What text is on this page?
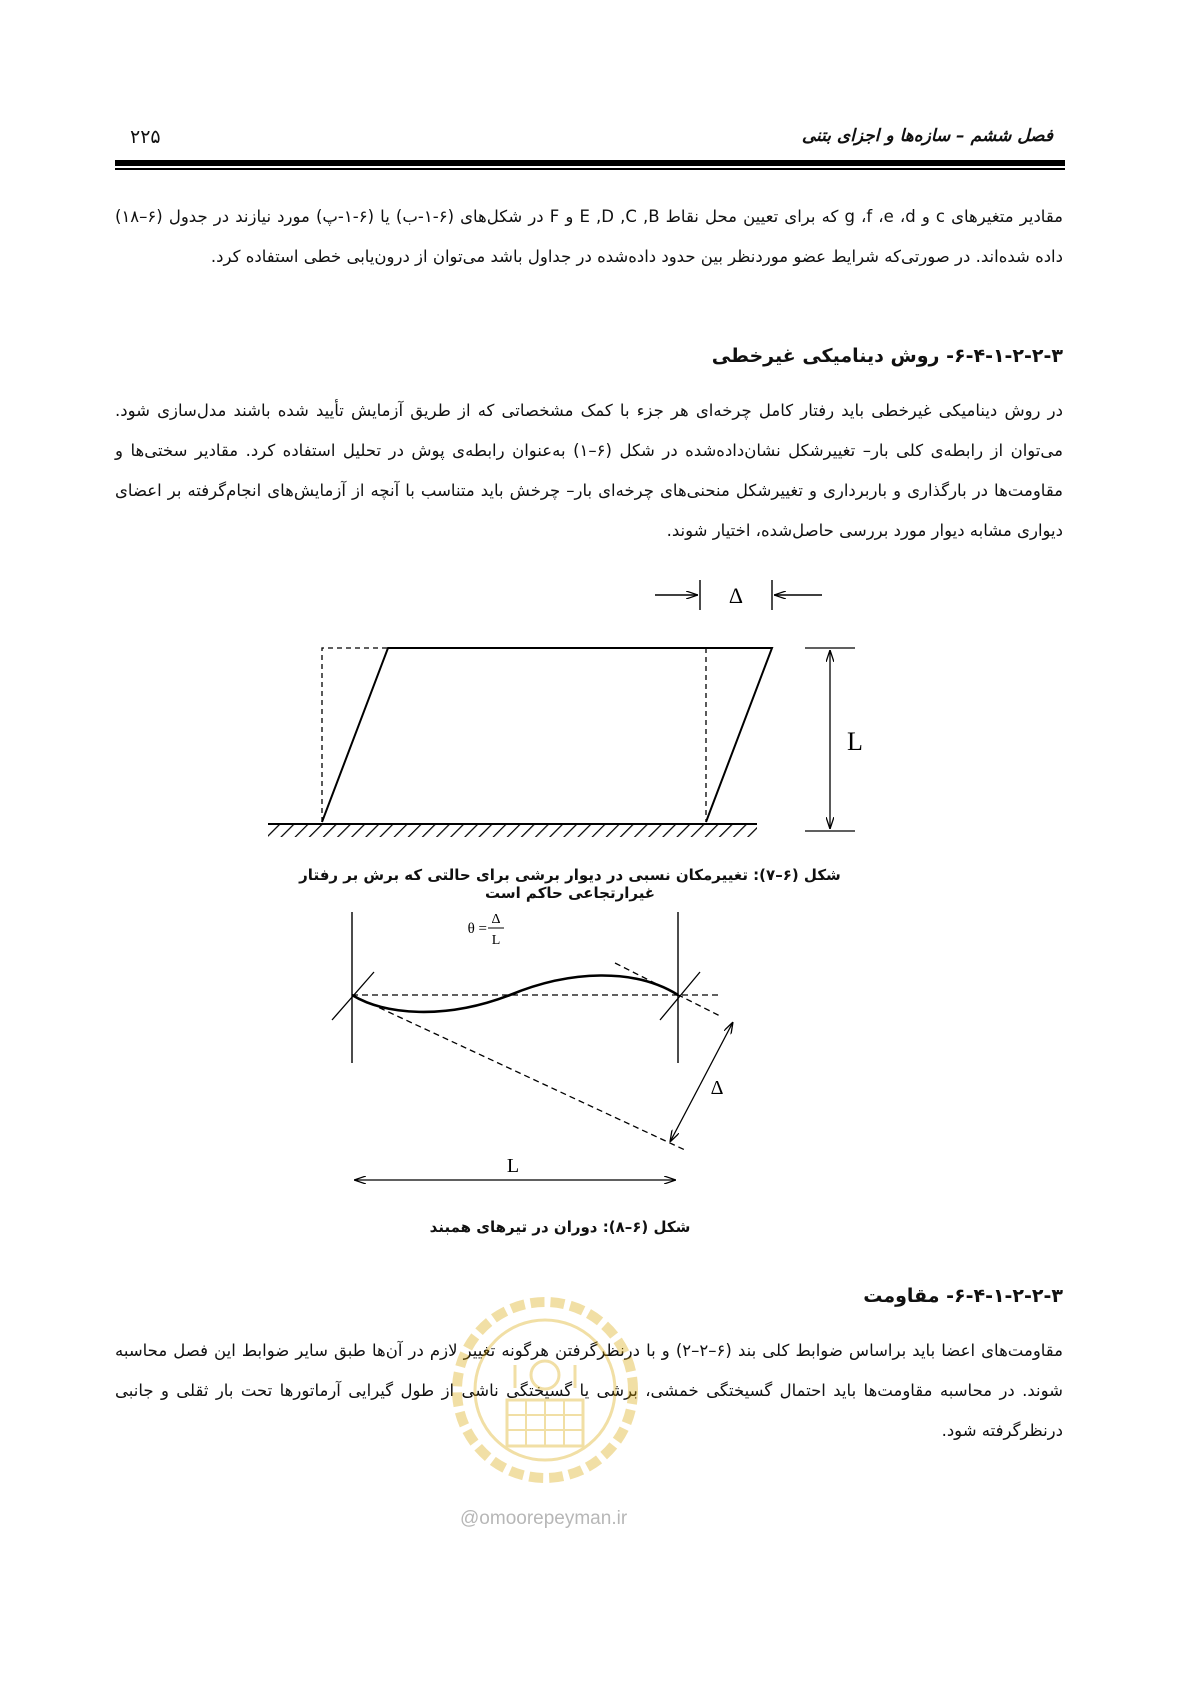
فصل ششم – سازه‌ها و اجزای بتنی
۲۲۵

مقادیر متغیرهای c و g ،f ،e ،d که برای تعیین محل نقاط E ,D ,C ,B و F در شکل‌های (۶-۱-ب) یا (۶-۱-پ) مورد نیازند در جدول (۶–۱۸) داده شده‌اند. در صورتی‌که شرایط عضو موردنظر بین حدود داده‌شده در جداول باشد می‌توان از درون‌یابی خطی استفاده کرد.

۶-۴-۱-۲-۲-۳- روش دینامیکی غیرخطی

در روش دینامیکی غیرخطی باید رفتار کامل چرخه‌ای هر جزء با کمک مشخصاتی که از طریق آزمایش تأیید شده باشند مدل‌سازی شود. می‌توان از رابطه‌ی کلی بار– تغییرشکل نشان‌داده‌شده در شکل (۶–۱) به‌عنوان رابطه‌ی پوش در تحلیل استفاده کرد. مقادیر سختی‌ها و مقاومت‌ها در بارگذاری و باربرداری و تغییرشکل منحنی‌های چرخه‌ای بار– چرخش باید متناسب با آنچه از آزمایش‌های انجام‌گرفته بر اعضای دیواری مشابه دیوار مورد بررسی حاصل‌شده، اختیار شوند.

Δ
L
شکل (۶–۷): تغییرمکان نسبی در دیوار برشی برای حالتی که برش بر رفتار غیرارتجاعی حاکم است
θ =
Δ
L
Δ
L
شکل (۶–۸): دوران در تیرهای همبند
۶-۴-۱-۲-۲-۳- مقاومت

مقاومت‌های اعضا باید براساس ضوابط کلی بند (۶–۲–۲) و با درنظرگرفتن هرگونه تغییر لازم در آن‌ها طبق سایر ضوابط این فصل محاسبه شوند. در محاسبه مقاومت‌ها باید احتمال گسیختگی خمشی، برشی یا گسیختگی ناشی از طول گیرایی آرماتورها تحت بار ثقلی و جانبی درنظرگرفته شود.

@omoorepeyman.ir
